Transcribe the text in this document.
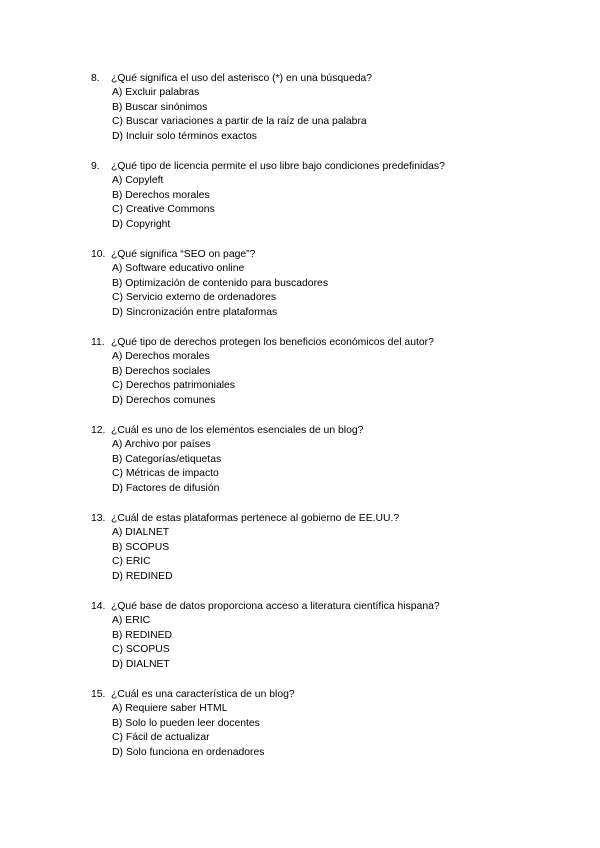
8.	¿Qué significa el uso del asterisco (*) en una búsqueda?
A) Excluir palabras
B) Buscar sinónimos
C) Buscar variaciones a partir de la raíz de una palabra
D) Incluir solo términos exactos
9.	¿Qué tipo de licencia permite el uso libre bajo condiciones predefinidas?
A) Copyleft
B) Derechos morales
C) Creative Commons
D) Copyright
10. ¿Qué significa “SEO on page”?
A) Software educativo online
B) Optimización de contenido para buscadores
C) Servicio externo de ordenadores
D) Sincronización entre plataformas
11. ¿Qué tipo de derechos protegen los beneficios económicos del autor?
A) Derechos morales
B) Derechos sociales
C) Derechos patrimoniales
D) Derechos comunes
12. ¿Cuál es uno de los elementos esenciales de un blog?
A) Archivo por países
B) Categorías/etiquetas
C) Métricas de impacto
D) Factores de difusión
13. ¿Cuál de estas plataformas pertenece al gobierno de EE.UU.?
A) DIALNET
B) SCOPUS
C) ERIC
D) REDINED
14. ¿Qué base de datos proporciona acceso a literatura científica hispana?
A) ERIC
B) REDINED
C) SCOPUS
D) DIALNET
15. ¿Cuál es una característica de un blog?
A) Requiere saber HTML
B) Solo lo pueden leer docentes
C) Fácil de actualizar
D) Solo funciona en ordenadores
